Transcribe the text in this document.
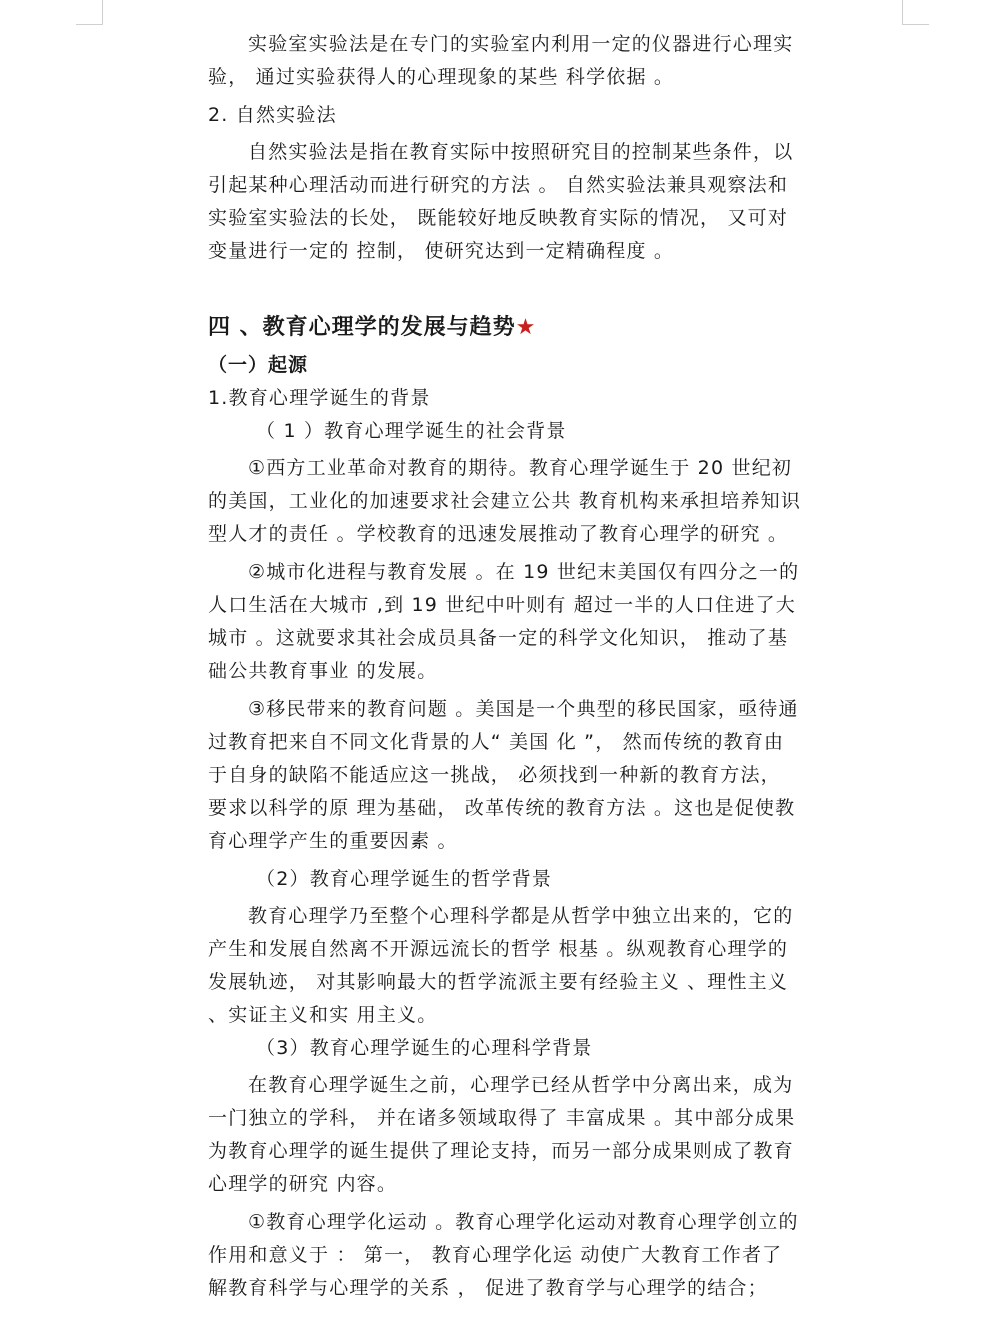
实验室实验法是在专门的实验室内利用一定的仪器进行心理实验， 通过实验获得人的心理现象的某些 科学依据 。

2. 自然实验法

自然实验法是指在教育实际中按照研究目的控制某些条件，以引起某种心理活动而进行研究的方法 。 自然实验法兼具观察法和实验室实验法的长处， 既能较好地反映教育实际的情况， 又可对变量进行一定的 控制， 使研究达到一定精确程度 。

四 、教育心理学的发展与趋势★
（一）起源
1.教育心理学诞生的背景
（ 1 ）教育心理学诞生的社会背景

①西方工业革命对教育的期待。教育心理学诞生于 20 世纪初的美国，工业化的加速要求社会建立公共 教育机构来承担培养知识型人才的责任 。学校教育的迅速发展推动了教育心理学的研究 。

②城市化进程与教育发展 。在 19 世纪末美国仅有四分之一的人口生活在大城市 ,到 19 世纪中叶则有 超过一半的人口住进了大城市 。这就要求其社会成员具备一定的科学文化知识， 推动了基础公共教育事业 的发展。

③移民带来的教育问题 。美国是一个典型的移民国家，亟待通过教育把来自不同文化背景的人“ 美国 化 ”， 然而传统的教育由于自身的缺陷不能适应这一挑战， 必须找到一种新的教育方法， 要求以科学的原 理为基础， 改革传统的教育方法 。这也是促使教育心理学产生的重要因素 。

（2）教育心理学诞生的哲学背景

教育心理学乃至整个心理科学都是从哲学中独立出来的，它的产生和发展自然离不开源远流长的哲学 根基 。纵观教育心理学的发展轨迹， 对其影响最大的哲学流派主要有经验主义 、理性主义 、实证主义和实 用主义。

（3）教育心理学诞生的心理科学背景

在教育心理学诞生之前，心理学已经从哲学中分离出来，成为一门独立的学科， 并在诸多领域取得了 丰富成果 。其中部分成果为教育心理学的诞生提供了理论支持，而另一部分成果则成了教育心理学的研究 内容。

①教育心理学化运动 。教育心理学化运动对教育心理学创立的作用和意义于 ： 第一， 教育心理学化运 动使广大教育工作者了解教育科学与心理学的关系 ， 促进了教育学与心理学的结合；
